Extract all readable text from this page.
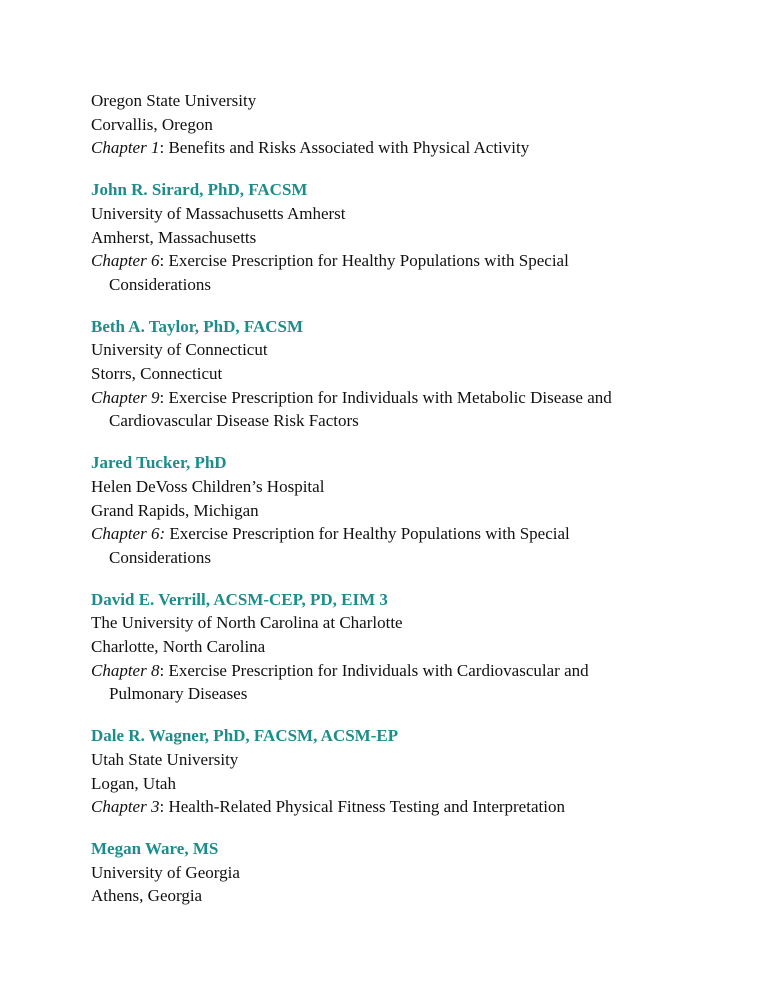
Oregon State University
Corvallis, Oregon
Chapter 1: Benefits and Risks Associated with Physical Activity
John R. Sirard, PhD, FACSM
University of Massachusetts Amherst
Amherst, Massachusetts
Chapter 6: Exercise Prescription for Healthy Populations with Special
Considerations
Beth A. Taylor, PhD, FACSM
University of Connecticut
Storrs, Connecticut
Chapter 9: Exercise Prescription for Individuals with Metabolic Disease and
Cardiovascular Disease Risk Factors
Jared Tucker, PhD
Helen DeVoss Children’s Hospital
Grand Rapids, Michigan
Chapter 6: Exercise Prescription for Healthy Populations with Special
Considerations
David E. Verrill, ACSM-CEP, PD, EIM 3
The University of North Carolina at Charlotte
Charlotte, North Carolina
Chapter 8: Exercise Prescription for Individuals with Cardiovascular and
Pulmonary Diseases
Dale R. Wagner, PhD, FACSM, ACSM-EP
Utah State University
Logan, Utah
Chapter 3: Health-Related Physical Fitness Testing and Interpretation
Megan Ware, MS
University of Georgia
Athens, Georgia
